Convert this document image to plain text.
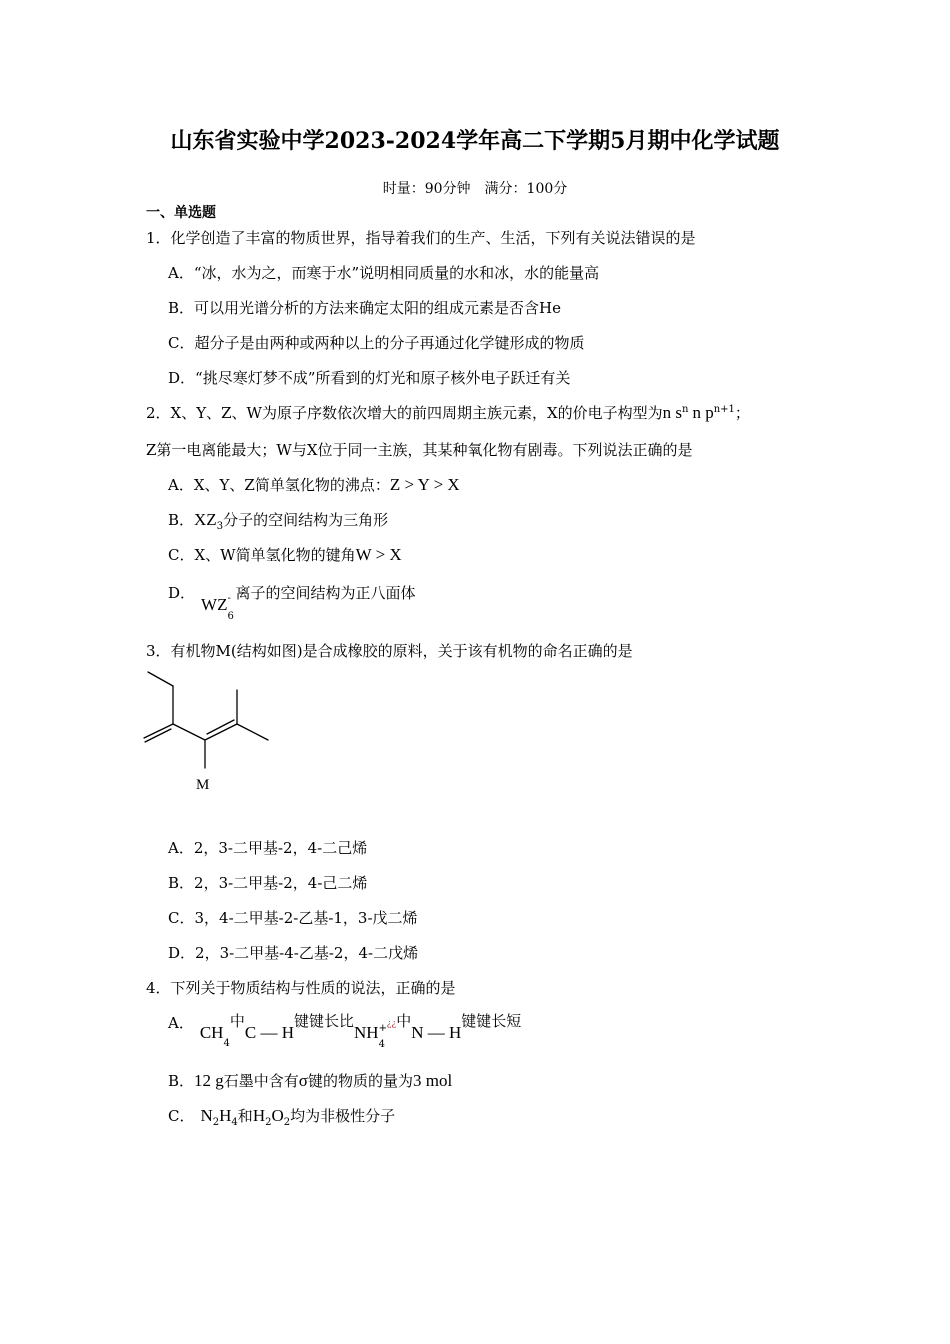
山东省实验中学2023-2024学年高二下学期5月期中化学试题
时量：90分钟　满分：100分
一、单选题
1．化学创造了丰富的物质世界，指导着我们的生产、生活，下列有关说法错误的是
A．“冰，水为之，而寒于水”说明相同质量的水和冰，水的能量高
B．可以用光谱分析的方法来确定太阳的组成元素是否含He
C．超分子是由两种或两种以上的分子再通过化学键形成的物质
D．“挑尽寒灯梦不成”所看到的灯光和原子核外电子跃迁有关
2．X、Y、Z、W为原子序数依次增大的前四周期主族元素，X的价电子构型为n $s^n$ n $p^{n+1}$；
Z第一电离能最大；W与X位于同一主族，其某种氧化物有剧毒。下列说法正确的是
A．X、Y、Z简单氢化物的沸点：Z > Y > X
B．$XZ_3$分子的空间结构为三角形
C．X、W简单氢化物的键角W > X
D．WZ -
6
离子的空间结构为正八面体
3．有机物M(结构如图)是合成橡胶的原料，关于该有机物的命名正确的是
M
A．2，3-二甲基-2，4-二己烯
B．2，3-二甲基-2，4-己二烯
C．3，4-二甲基-2-乙基-1，3-戊二烯
D．2，3-二甲基-4-乙基-2，4-二戊烯
4．下列关于物质结构与性质的说法，正确的是
A． $CH_4$中C — H键键长比NH +
4
¿¿中N — H键键长短
B．12 g石墨中含有σ键的物质的量为3 mol
C． $N_2H_4$和$H_2O_2$均为非极性分子
